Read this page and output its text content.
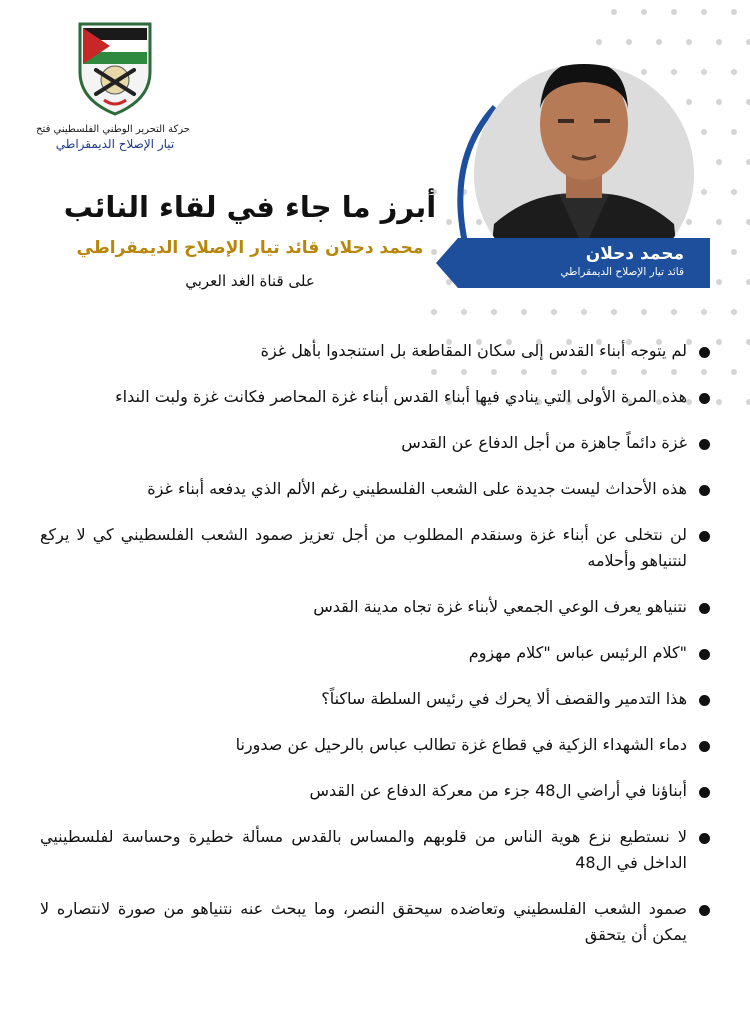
حركة التحرير الوطني الفلسطيني فتح
تيار الإصلاح الديمقراطي
محمد دحلان
قائد تيار الإصلاح الديمقراطي
أبرز ما جاء في لقاء النائب
محمد دحلان قائد تيار الإصلاح الديمقراطي
على قناة الغد العربي
لم يتوجه أبناء القدس إلى سكان المقاطعة بل استنجدوا بأهل غزة
هذه المرة الأولى التي ينادي فيها أبناء القدس أبناء غزة المحاصر فكانت غزة ولبت النداء
غزة دائماً جاهزة من أجل الدفاع عن القدس
هذه الأحداث ليست جديدة على الشعب الفلسطيني رغم الألم الذي يدفعه أبناء غزة
لن نتخلى عن أبناء غزة وسنقدم المطلوب من أجل تعزيز صمود الشعب الفلسطيني كي لا يركع لنتنياهو وأحلامه
نتنياهو يعرف الوعي الجمعي لأبناء غزة تجاه مدينة القدس
"كلام الرئيس عباس "كلام مهزوم
هذا التدمير والقصف ألا يحرك في رئيس السلطة ساكناً؟
دماء الشهداء الزكية في قطاع غزة تطالب عباس بالرحيل عن صدورنا
أبناؤنا في أراضي ال48 جزء من معركة الدفاع عن القدس
لا نستطيع نزع هوية الناس من قلوبهم والمساس بالقدس مسألة خطيرة وحساسة لفلسطينيي الداخل في ال48
صمود الشعب الفلسطيني وتعاضده سيحقق النصر، وما يبحث عنه نتنياهو من صورة لانتصاره لا يمكن أن يتحقق
